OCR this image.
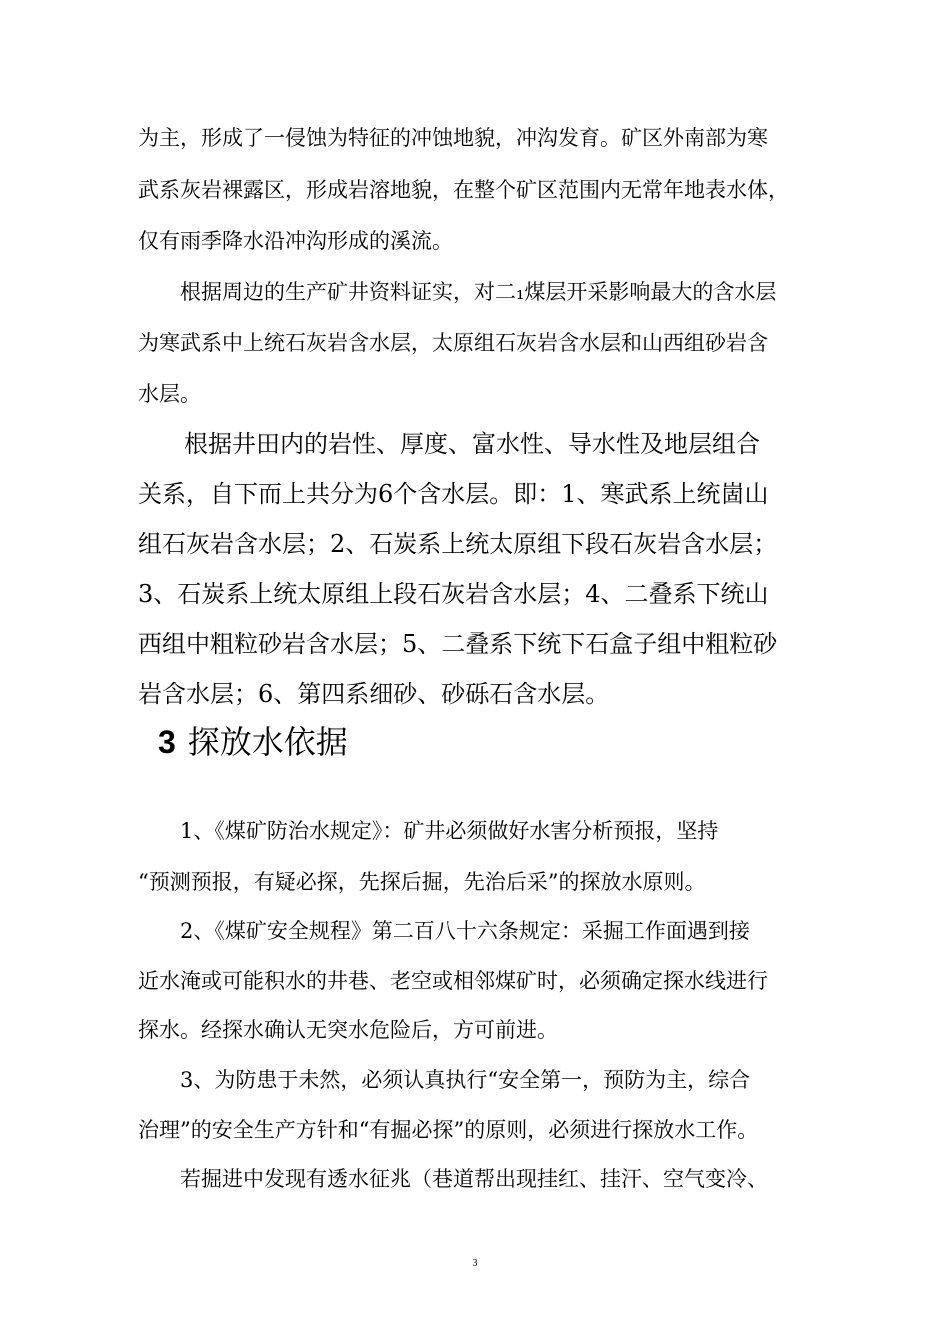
为主，形成了一侵蚀为特征的冲蚀地貌，冲沟发育。矿区外南部为寒
武系灰岩裸露区，形成岩溶地貌，在整个矿区范围内无常年地表水体，
仅有雨季降水沿冲沟形成的溪流。
根据周边的生产矿井资料证实，对二₁煤层开采影响最大的含水层
为寒武系中上统石灰岩含水层，太原组石灰岩含水层和山西组砂岩含
水层。
根据井田内的岩性、厚度、富水性、导水性及地层组合
关系，自下而上共分为6个含水层。即：1、寒武系上统崮山
组石灰岩含水层；2、石炭系上统太原组下段石灰岩含水层；
3、石炭系上统太原组上段石灰岩含水层；4、二叠系下统山
西组中粗粒砂岩含水层；5、二叠系下统下石盒子组中粗粒砂
岩含水层；6、第四系细砂、砂砾石含水层。
3 探放水依据
1、《煤矿防治水规定》：矿井必须做好水害分析预报，坚持
“预测预报，有疑必探，先探后掘，先治后采”的探放水原则。
2、《煤矿安全规程》第二百八十六条规定：采掘工作面遇到接
近水淹或可能积水的井巷、老空或相邻煤矿时，必须确定探水线进行
探水。经探水确认无突水危险后，方可前进。
3、为防患于未然，必须认真执行“安全第一，预防为主，综合
治理”的安全生产方针和“有掘必探”的原则，必须进行探放水工作。
若掘进中发现有透水征兆（巷道帮出现挂红、挂汗、空气变冷、
3
